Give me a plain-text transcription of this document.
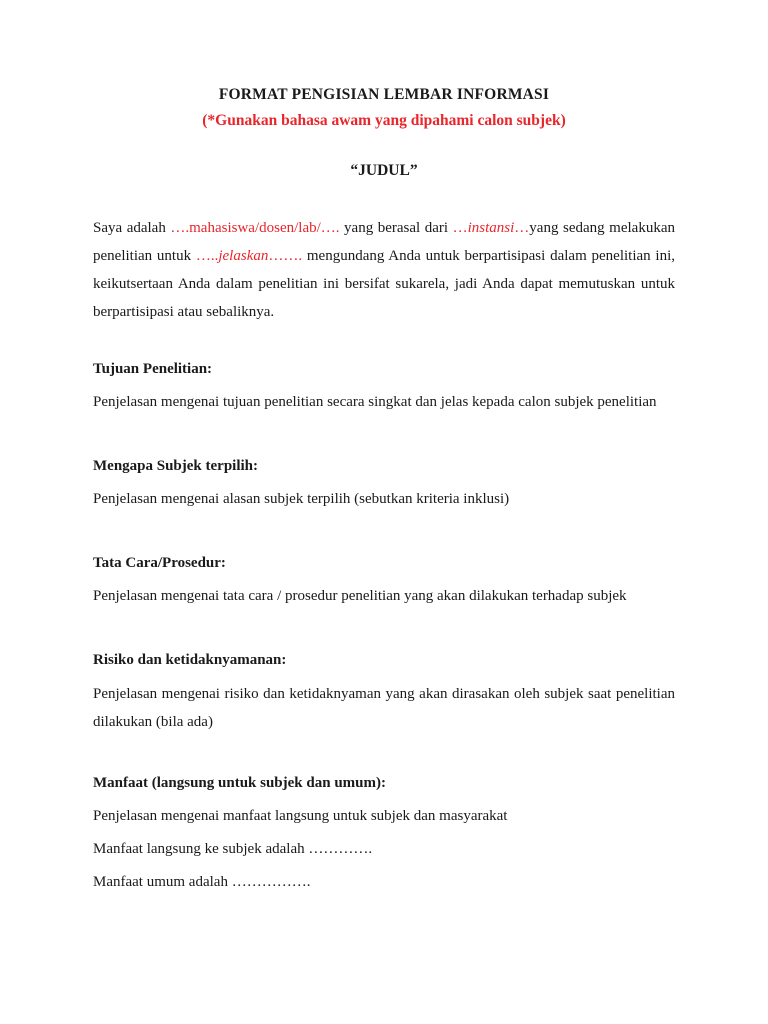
FORMAT PENGISIAN LEMBAR INFORMASI
(*Gunakan bahasa awam yang dipahami calon subjek)
“JUDUL”
Saya adalah ….mahasiswa/dosen/lab/…. yang berasal dari …instansi…yang sedang melakukan penelitian untuk …..jelaskan……. mengundang Anda untuk berpartisipasi dalam penelitian ini, keikutsertaan Anda dalam penelitian ini bersifat sukarela, jadi Anda dapat memutuskan untuk berpartisipasi atau sebaliknya.
Tujuan Penelitian:
Penjelasan mengenai tujuan penelitian secara singkat dan jelas kepada calon subjek penelitian
Mengapa Subjek terpilih:
Penjelasan mengenai alasan subjek terpilih (sebutkan kriteria inklusi)
Tata Cara/Prosedur:
Penjelasan mengenai tata cara / prosedur penelitian yang akan dilakukan terhadap subjek
Risiko dan ketidaknyamanan:
Penjelasan mengenai risiko dan ketidaknyaman yang akan dirasakan oleh subjek saat penelitian dilakukan (bila ada)
Manfaat (langsung untuk subjek dan umum):
Penjelasan mengenai manfaat langsung untuk subjek dan masyarakat
Manfaat langsung ke subjek adalah ………….
Manfaat umum adalah …………….
